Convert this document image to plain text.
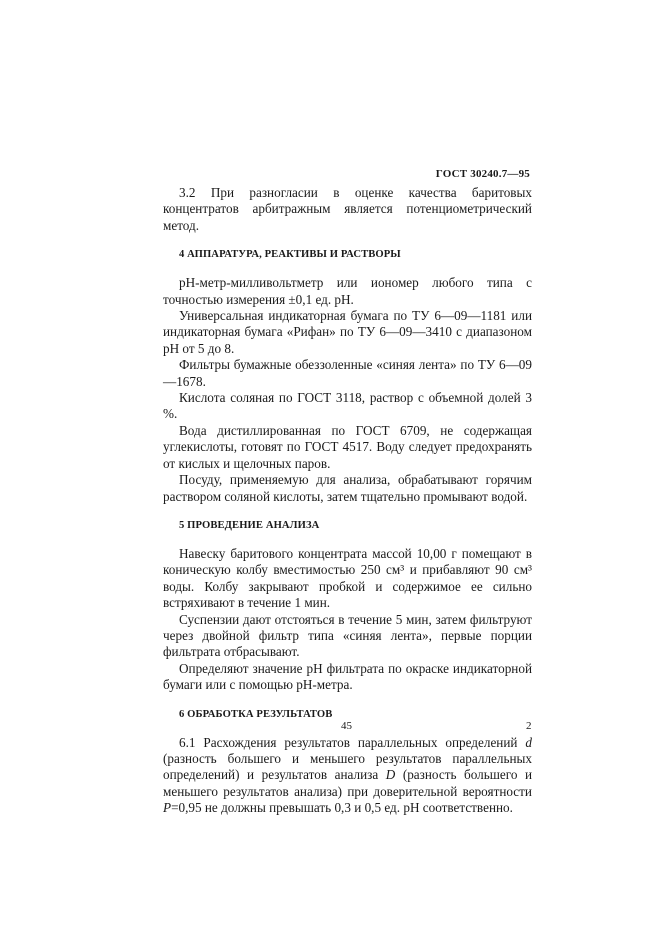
ГОСТ 30240.7—95

3.2 При разногласии в оценке качества баритовых концентратов арбитражным является потенциометрический метод.

4 АППАРАТУРА, РЕАКТИВЫ И РАСТВОРЫ

рН-метр-милливольтметр или иономер любого типа с точностью измерения ±0,1 ед. рН.

Универсальная индикаторная бумага по ТУ 6—09—1181 или индикаторная бумага «Рифан» по ТУ 6—09—3410 с диапазоном рН от 5 до 8.

Фильтры бумажные обеззоленные «синяя лента» по ТУ 6—09—1678.

Кислота соляная по ГОСТ 3118, раствор с объемной долей 3 %.

Вода дистиллированная по ГОСТ 6709, не содержащая углекислоты, готовят по ГОСТ 4517. Воду следует предохранять от кислых и щелочных паров.

Посуду, применяемую для анализа, обрабатывают горячим раствором соляной кислоты, затем тщательно промывают водой.

5 ПРОВЕДЕНИЕ АНАЛИЗА

Навеску баритового концентрата массой 10,00 г помещают в коническую колбу вместимостью 250 см³ и прибавляют 90 см³ воды. Колбу закрывают пробкой и содержимое ее сильно встряхивают в течение 1 мин.

Суспензии дают отстояться в течение 5 мин, затем фильтруют через двойной фильтр типа «синяя лента», первые порции фильтрата отбрасывают.

Определяют значение рН фильтрата по окраске индикаторной бумаги или с помощью рН-метра.

6 ОБРАБОТКА РЕЗУЛЬТАТОВ

6.1 Расхождения результатов параллельных определений d (разность большего и меньшего результатов параллельных определений) и результатов анализа D (разность большего и меньшего результатов анализа) при доверительной вероятности P=0,95 не должны превышать 0,3 и 0,5 ед. рН соответственно.

45	2
